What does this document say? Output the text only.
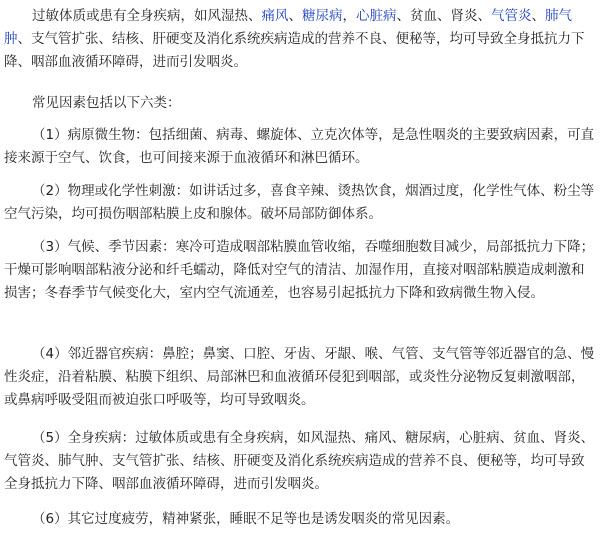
过敏体质或患有全身疾病，如风湿热、痛风、糖尿病，心脏病、贫血、肾炎、气管炎、肺气肿、支气管扩张、结核、肝硬变及消化系统疾病造成的营养不良、便秘等，均可导致全身抵抗力下降、咽部血液循环障碍，进而引发咽炎。

常见因素包括以下六类：

（1）病原微生物：包括细菌、病毒、螺旋体、立克次体等，是急性咽炎的主要致病因素，可直接来源于空气、饮食，也可间接来源于血液循环和淋巴循环。

（2）物理或化学性刺激：如讲话过多，喜食辛辣、烫热饮食，烟酒过度，化学性气体、粉尘等空气污染，均可损伤咽部粘膜上皮和腺体。破坏局部防御体系。

（3）气候、季节因素：寒冷可造成咽部粘膜血管收缩，吞噬细胞数目减少，局部抵抗力下降；干燥可影响咽部粘液分泌和纤毛蠕动，降低对空气的清洁、加湿作用，直接对咽部粘膜造成刺激和损害；冬春季节气候变化大，室内空气流通差，也容易引起抵抗力下降和致病微生物入侵。

（4）邻近器官疾病：鼻腔；鼻窦、口腔、牙齿、牙龈、喉、气管、支气管等邻近器官的急、慢性炎症，沿着粘膜、粘膜下组织、局部淋巴和血液循环侵犯到咽部，或炎性分泌物反复刺激咽部，或鼻病呼吸受阻而被迫张口呼吸等，均可导致咽炎。

（5）全身疾病：过敏体质或患有全身疾病，如风湿热、痛风、糖尿病，心脏病、贫血、肾炎、气管炎、肺气肿、支气管扩张、结核、肝硬变及消化系统疾病造成的营养不良、便秘等，均可导致全身抵抗力下降、咽部血液循环障碍，进而引发咽炎。

（6）其它过度疲劳，精神紧张，睡眠不足等也是诱发咽炎的常见因素。
